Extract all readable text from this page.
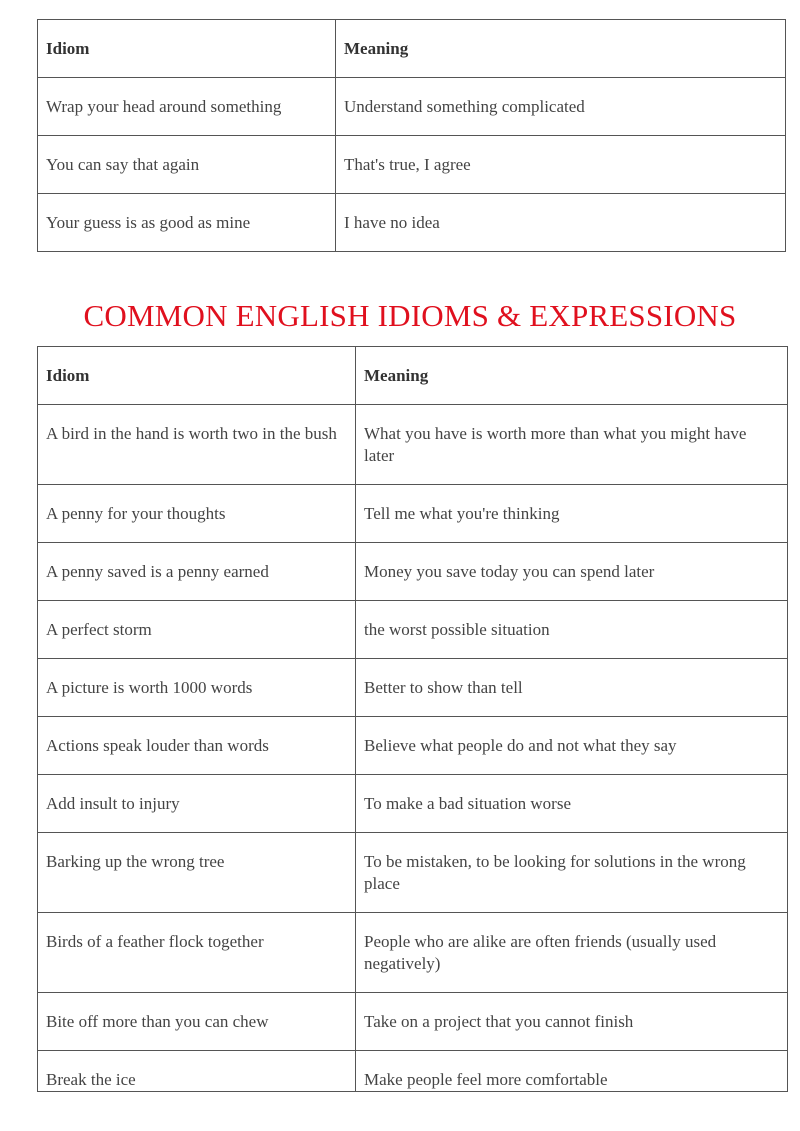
Idiom	Meaning
Wrap your head around something	Understand something complicated
You can say that again	That's true, I agree
Your guess is as good as mine	I have no idea
COMMON ENGLISH IDIOMS & EXPRESSIONS
Idiom	Meaning
A bird in the hand is worth two in the bush	What you have is worth more than what you might have later
A penny for your thoughts	Tell me what you're thinking
A penny saved is a penny earned	Money you save today you can spend later
A perfect storm	the worst possible situation
A picture is worth 1000 words	Better to show than tell
Actions speak louder than words	Believe what people do and not what they say
Add insult to injury	To make a bad situation worse
Barking up the wrong tree	To be mistaken, to be looking for solutions in the wrong place
Birds of a feather flock together	People who are alike are often friends (usually used negatively)
Bite off more than you can chew	Take on a project that you cannot finish
Break the ice	Make people feel more comfortable
